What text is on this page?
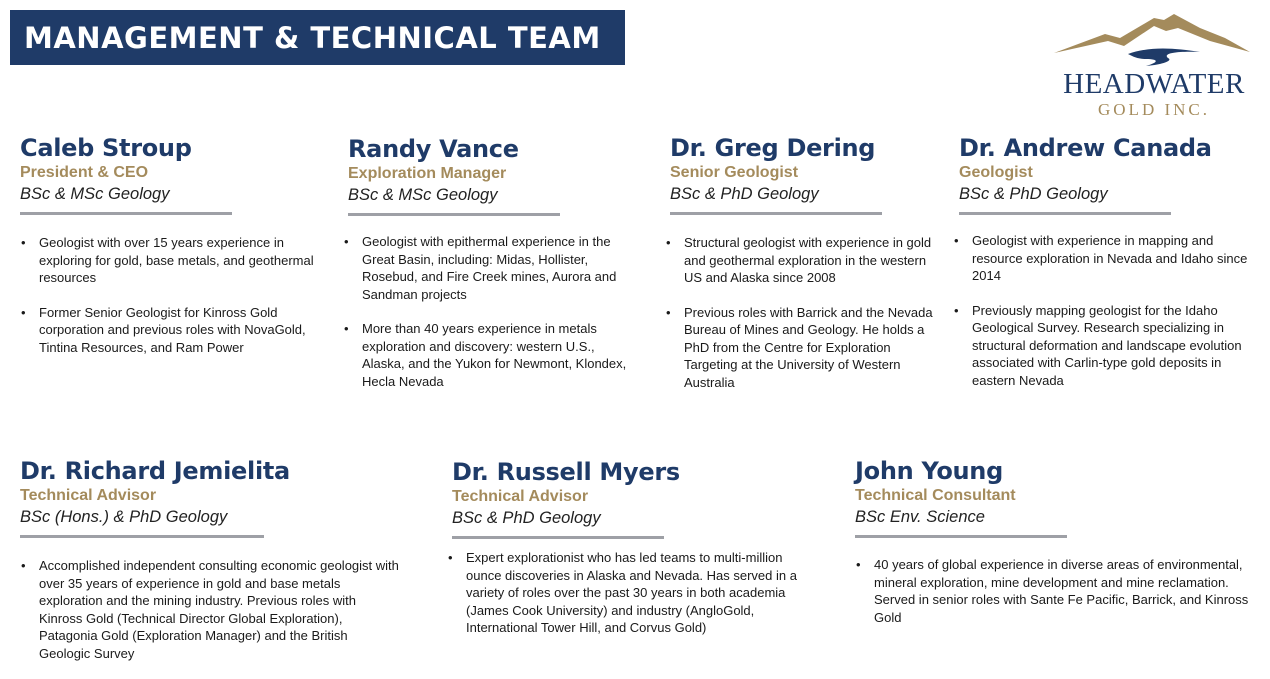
MANAGEMENT & TECHNICAL TEAM
HEADWATER
GOLD INC.
Caleb Stroup
President & CEO
BSc & MSc Geology
• Geologist with over 15 years experience in exploring for gold, base metals, and geothermal resources
• Former Senior Geologist for Kinross Gold corporation and previous roles with NovaGold, Tintina Resources, and Ram Power
Randy Vance
Exploration Manager
BSc & MSc Geology
• Geologist with epithermal experience in the Great Basin, including: Midas, Hollister, Rosebud, and Fire Creek mines, Aurora and Sandman projects
• More than 40 years experience in metals exploration and discovery: western U.S., Alaska, and the Yukon for Newmont, Klondex, Hecla Nevada
Dr. Greg Dering
Senior Geologist
BSc & PhD Geology
• Structural geologist with experience in gold and geothermal exploration in the western US and Alaska since 2008
• Previous roles with Barrick and the Nevada Bureau of Mines and Geology. He holds a PhD from the Centre for Exploration Targeting at the University of Western Australia
Dr. Andrew Canada
Geologist
BSc & PhD Geology
• Geologist with experience in mapping and resource exploration in Nevada and Idaho since 2014
• Previously mapping geologist for the Idaho Geological Survey. Research specializing in structural deformation and landscape evolution associated with Carlin-type gold deposits in eastern Nevada
Dr. Richard Jemielita
Technical Advisor
BSc (Hons.) & PhD Geology
• Accomplished independent consulting economic geologist with over 35 years of experience in gold and base metals exploration and the mining industry. Previous roles with Kinross Gold (Technical Director Global Exploration), Patagonia Gold (Exploration Manager) and the British Geologic Survey
Dr. Russell Myers
Technical Advisor
BSc & PhD Geology
• Expert explorationist who has led teams to multi-million ounce discoveries in Alaska and Nevada. Has served in a variety of roles over the past 30 years in both academia (James Cook University) and industry (AngloGold, International Tower Hill, and Corvus Gold)
John Young
Technical Consultant
BSc Env. Science
• 40 years of global experience in diverse areas of environmental, mineral exploration, mine development and mine reclamation. Served in senior roles with Sante Fe Pacific, Barrick, and Kinross Gold
